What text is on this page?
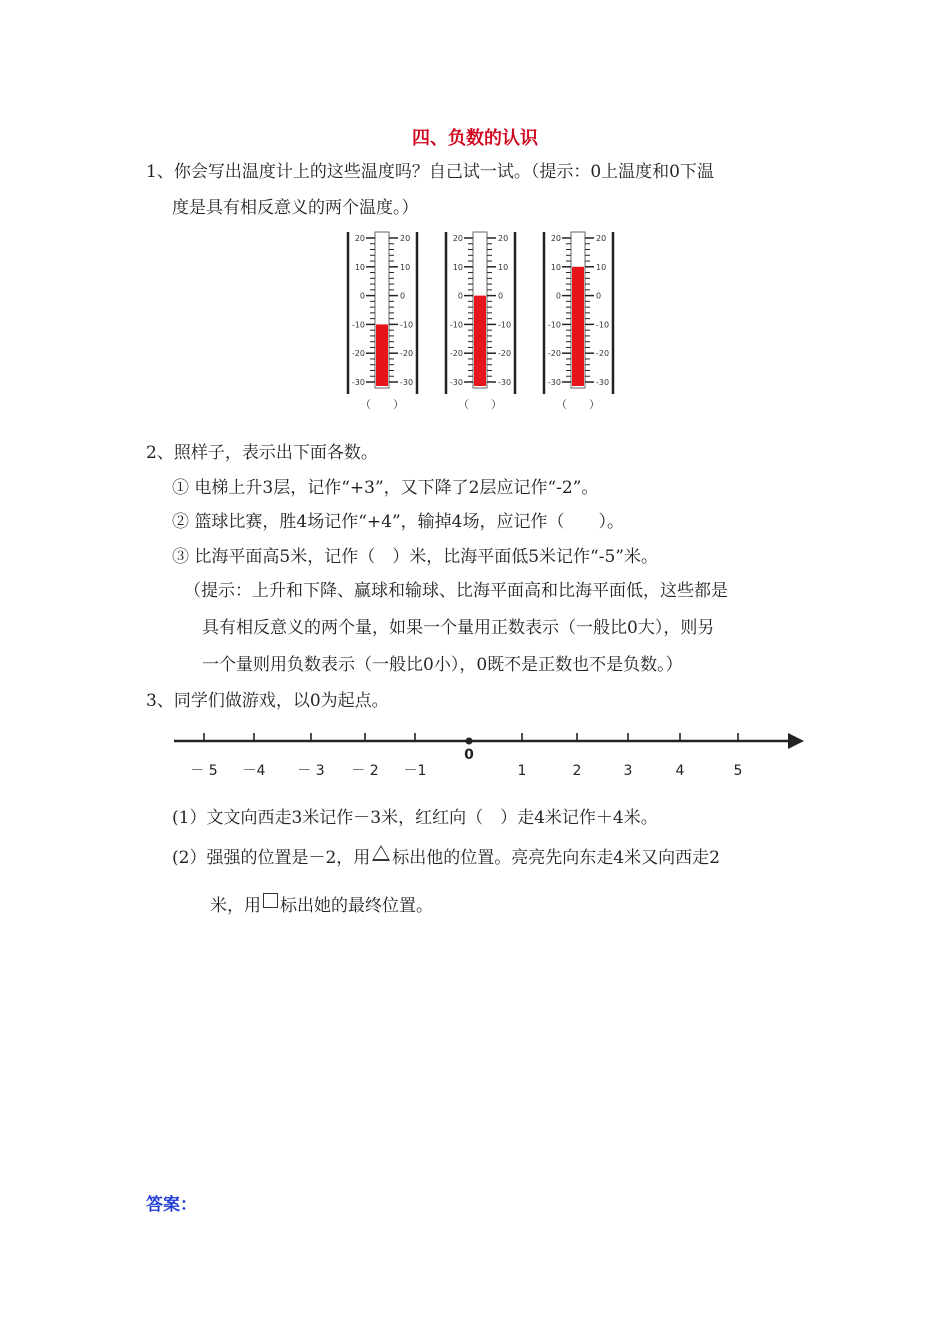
四、负数的认识
1、你会写出温度计上的这些温度吗？自己试一试。（提示：0上温度和0下温
度是具有相反意义的两个温度。）
20	20
10	10
0	0
-10	-10
-20	-20
-30	-30
（　　）
20	20
10	10
0	0
-10	-10
-20	-20
-30	-30
（　　）
20	20
10	10
0	0
-10	-10
-20	-20
-30	-30
（　　）
2、照样子，表示出下面各数。
① 电梯上升3层，记作“+3”，又下降了2层应记作“-2”。
② 篮球比赛，胜4场记作“+4”，输掉4场，应记作（　　）。
③ 比海平面高5米，记作（　）米，比海平面低5米记作“-5”米。
（提示：上升和下降、赢球和输球、比海平面高和比海平面低，这些都是
具有相反意义的两个量，如果一个量用正数表示（一般比0大），则另
一个量则用负数表示（一般比0小），0既不是正数也不是负数。）
3、同学们做游戏，以0为起点。
－ 5 －4 － 3 － 2 －1
0
1	2	3	4	5
(1）文文向西走3米记作－3米，红红向（　）走4米记作＋4米。
(2）强强的位置是－2，用 标出他的位置。亮亮先向东走4米又向西走2
米，用 标出她的最终位置。
答案：
